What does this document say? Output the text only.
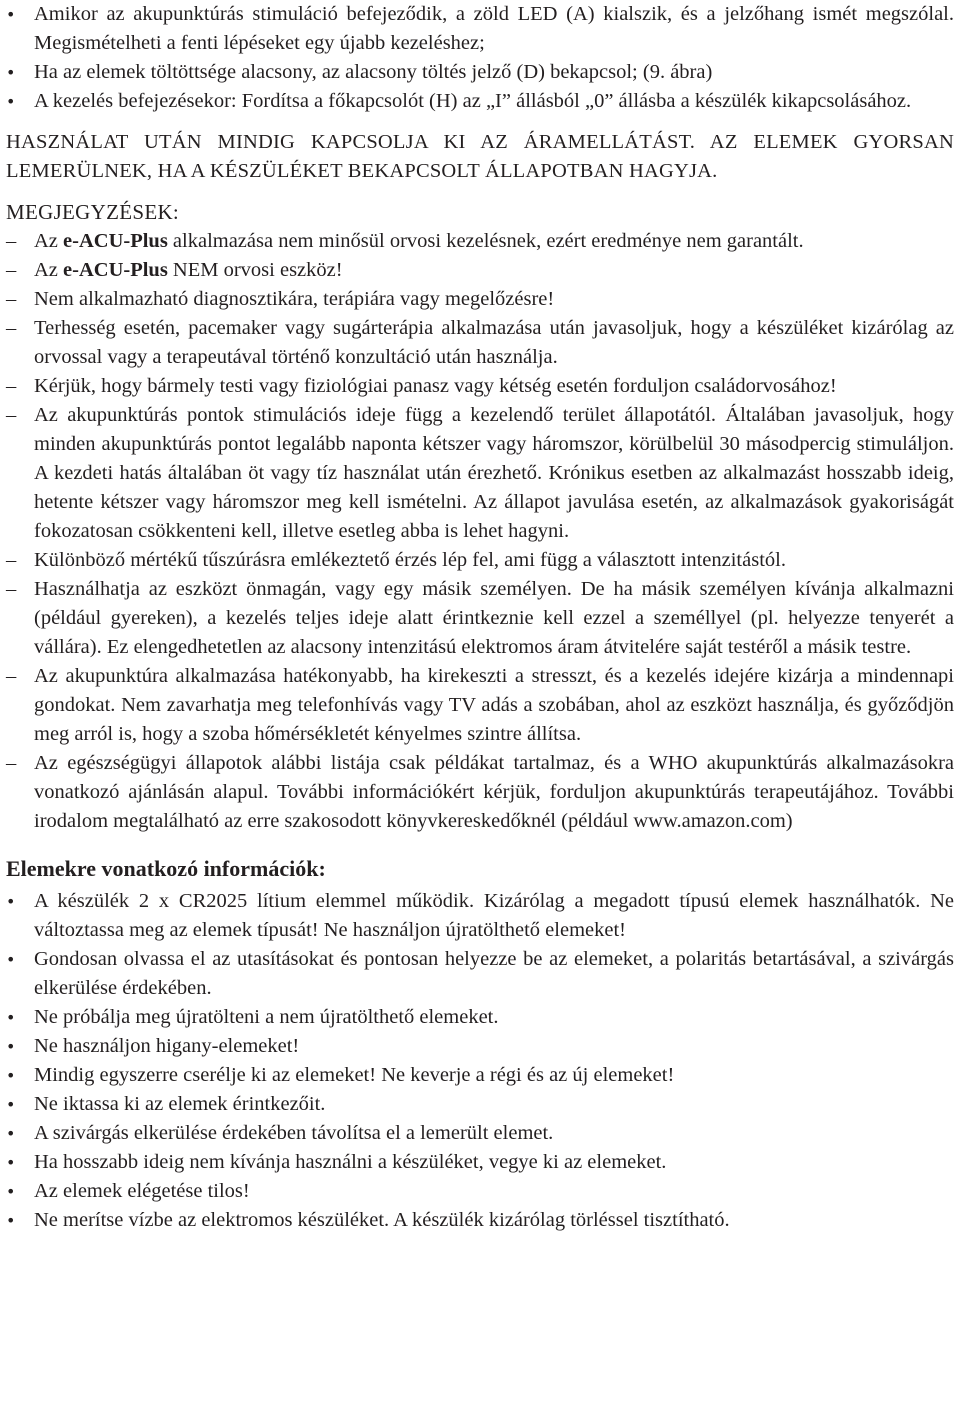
• Amikor az akupunktúrás stimuláció befejeződik, a zöld LED (A) kialszik, és a jelzőhang ismét megszólal. Megismételheti a fenti lépéseket egy újabb kezeléshez;
• Ha az elemek töltöttsége alacsony, az alacsony töltés jelző (D) bekapcsol; (9. ábra)
• A kezelés befejezésekor: Fordítsa a főkapcsolót (H) az „I” állásból „0” állásba a készülék kikapcsolásához.
HASZNÁLAT UTÁN MINDIG KAPCSOLJA KI AZ ÁRAMELLÁTÁST. AZ ELEMEK GYORSAN LEMERÜLNEK, HA A KÉSZÜLÉKET BEKAPCSOLT ÁLLAPOTBAN HAGYJA.
MEGJEGYZÉSEK:
– Az e-ACU-Plus alkalmazása nem minősül orvosi kezelésnek, ezért eredménye nem garantált.
– Az e-ACU-Plus NEM orvosi eszköz!
– Nem alkalmazható diagnosztikára, terápiára vagy megelőzésre!
– Terhesség esetén, pacemaker vagy sugárterápia alkalmazása után javasoljuk, hogy a készüléket kizárólag az orvossal vagy a terapeutával történő konzultáció után használja.
– Kérjük, hogy bármely testi vagy fiziológiai panasz vagy kétség esetén forduljon családorvosához!
– Az akupunktúrás pontok stimulációs ideje függ a kezelendő terület állapotától. Általában javasoljuk, hogy minden akupunktúrás pontot legalább naponta kétszer vagy háromszor, körülbelül 30 másodpercig stimuláljon. A kezdeti hatás általában öt vagy tíz használat után érezhető. Krónikus esetben az alkalmazást hosszabb ideig, hetente kétszer vagy háromszor meg kell ismételni. Az állapot javulása esetén, az alkalmazások gyakoriságát fokozatosan csökkenteni kell, illetve esetleg abba is lehet hagyni.
– Különböző mértékű tűszúrásra emlékeztető érzés lép fel, ami függ a választott intenzitástól.
– Használhatja az eszközt önmagán, vagy egy másik személyen. De ha másik személyen kívánja alkalmazni (például gyereken), a kezelés teljes ideje alatt érintkeznie kell ezzel a személlyel (pl. helyezze tenyerét a vállára). Ez elengedhetetlen az alacsony intenzitású elektromos áram átvitelére saját testéről a másik testre.
– Az akupunktúra alkalmazása hatékonyabb, ha kirekeszti a stresszt, és a kezelés idejére kizárja a mindennapi gondokat. Nem zavarhatja meg telefonhívás vagy TV adás a szobában, ahol az eszközt használja, és győződjön meg arról is, hogy a szoba hőmérsékletét kényelmes szintre állítsa.
– Az egészségügyi állapotok alábbi listája csak példákat tartalmaz, és a WHO akupunktúrás alkalmazásokra vonatkozó ajánlásán alapul. További információkért kérjük, forduljon akupunktúrás terapeutájához. További irodalom megtalálható az erre szakosodott könyvkereskedőknél (például www.amazon.com)
Elemekre vonatkozó információk:
• A készülék 2 x CR2025 lítium elemmel működik. Kizárólag a megadott típusú elemek használhatók. Ne változtassa meg az elemek típusát! Ne használjon újratölthető elemeket!
• Gondosan olvassa el az utasításokat és pontosan helyezze be az elemeket, a polaritás betartásával, a szivárgás elkerülése érdekében.
• Ne próbálja meg újratölteni a nem újratölthető elemeket.
• Ne használjon higany-elemeket!
• Mindig egyszerre cserélje ki az elemeket! Ne keverje a régi és az új elemeket!
• Ne iktassa ki az elemek érintkezőit.
• A szivárgás elkerülése érdekében távolítsa el a lemerült elemet.
• Ha hosszabb ideig nem kívánja használni a készüléket, vegye ki az elemeket.
• Az elemek elégetése tilos!
• Ne merítse vízbe az elektromos készüléket. A készülék kizárólag törléssel tisztítható.
